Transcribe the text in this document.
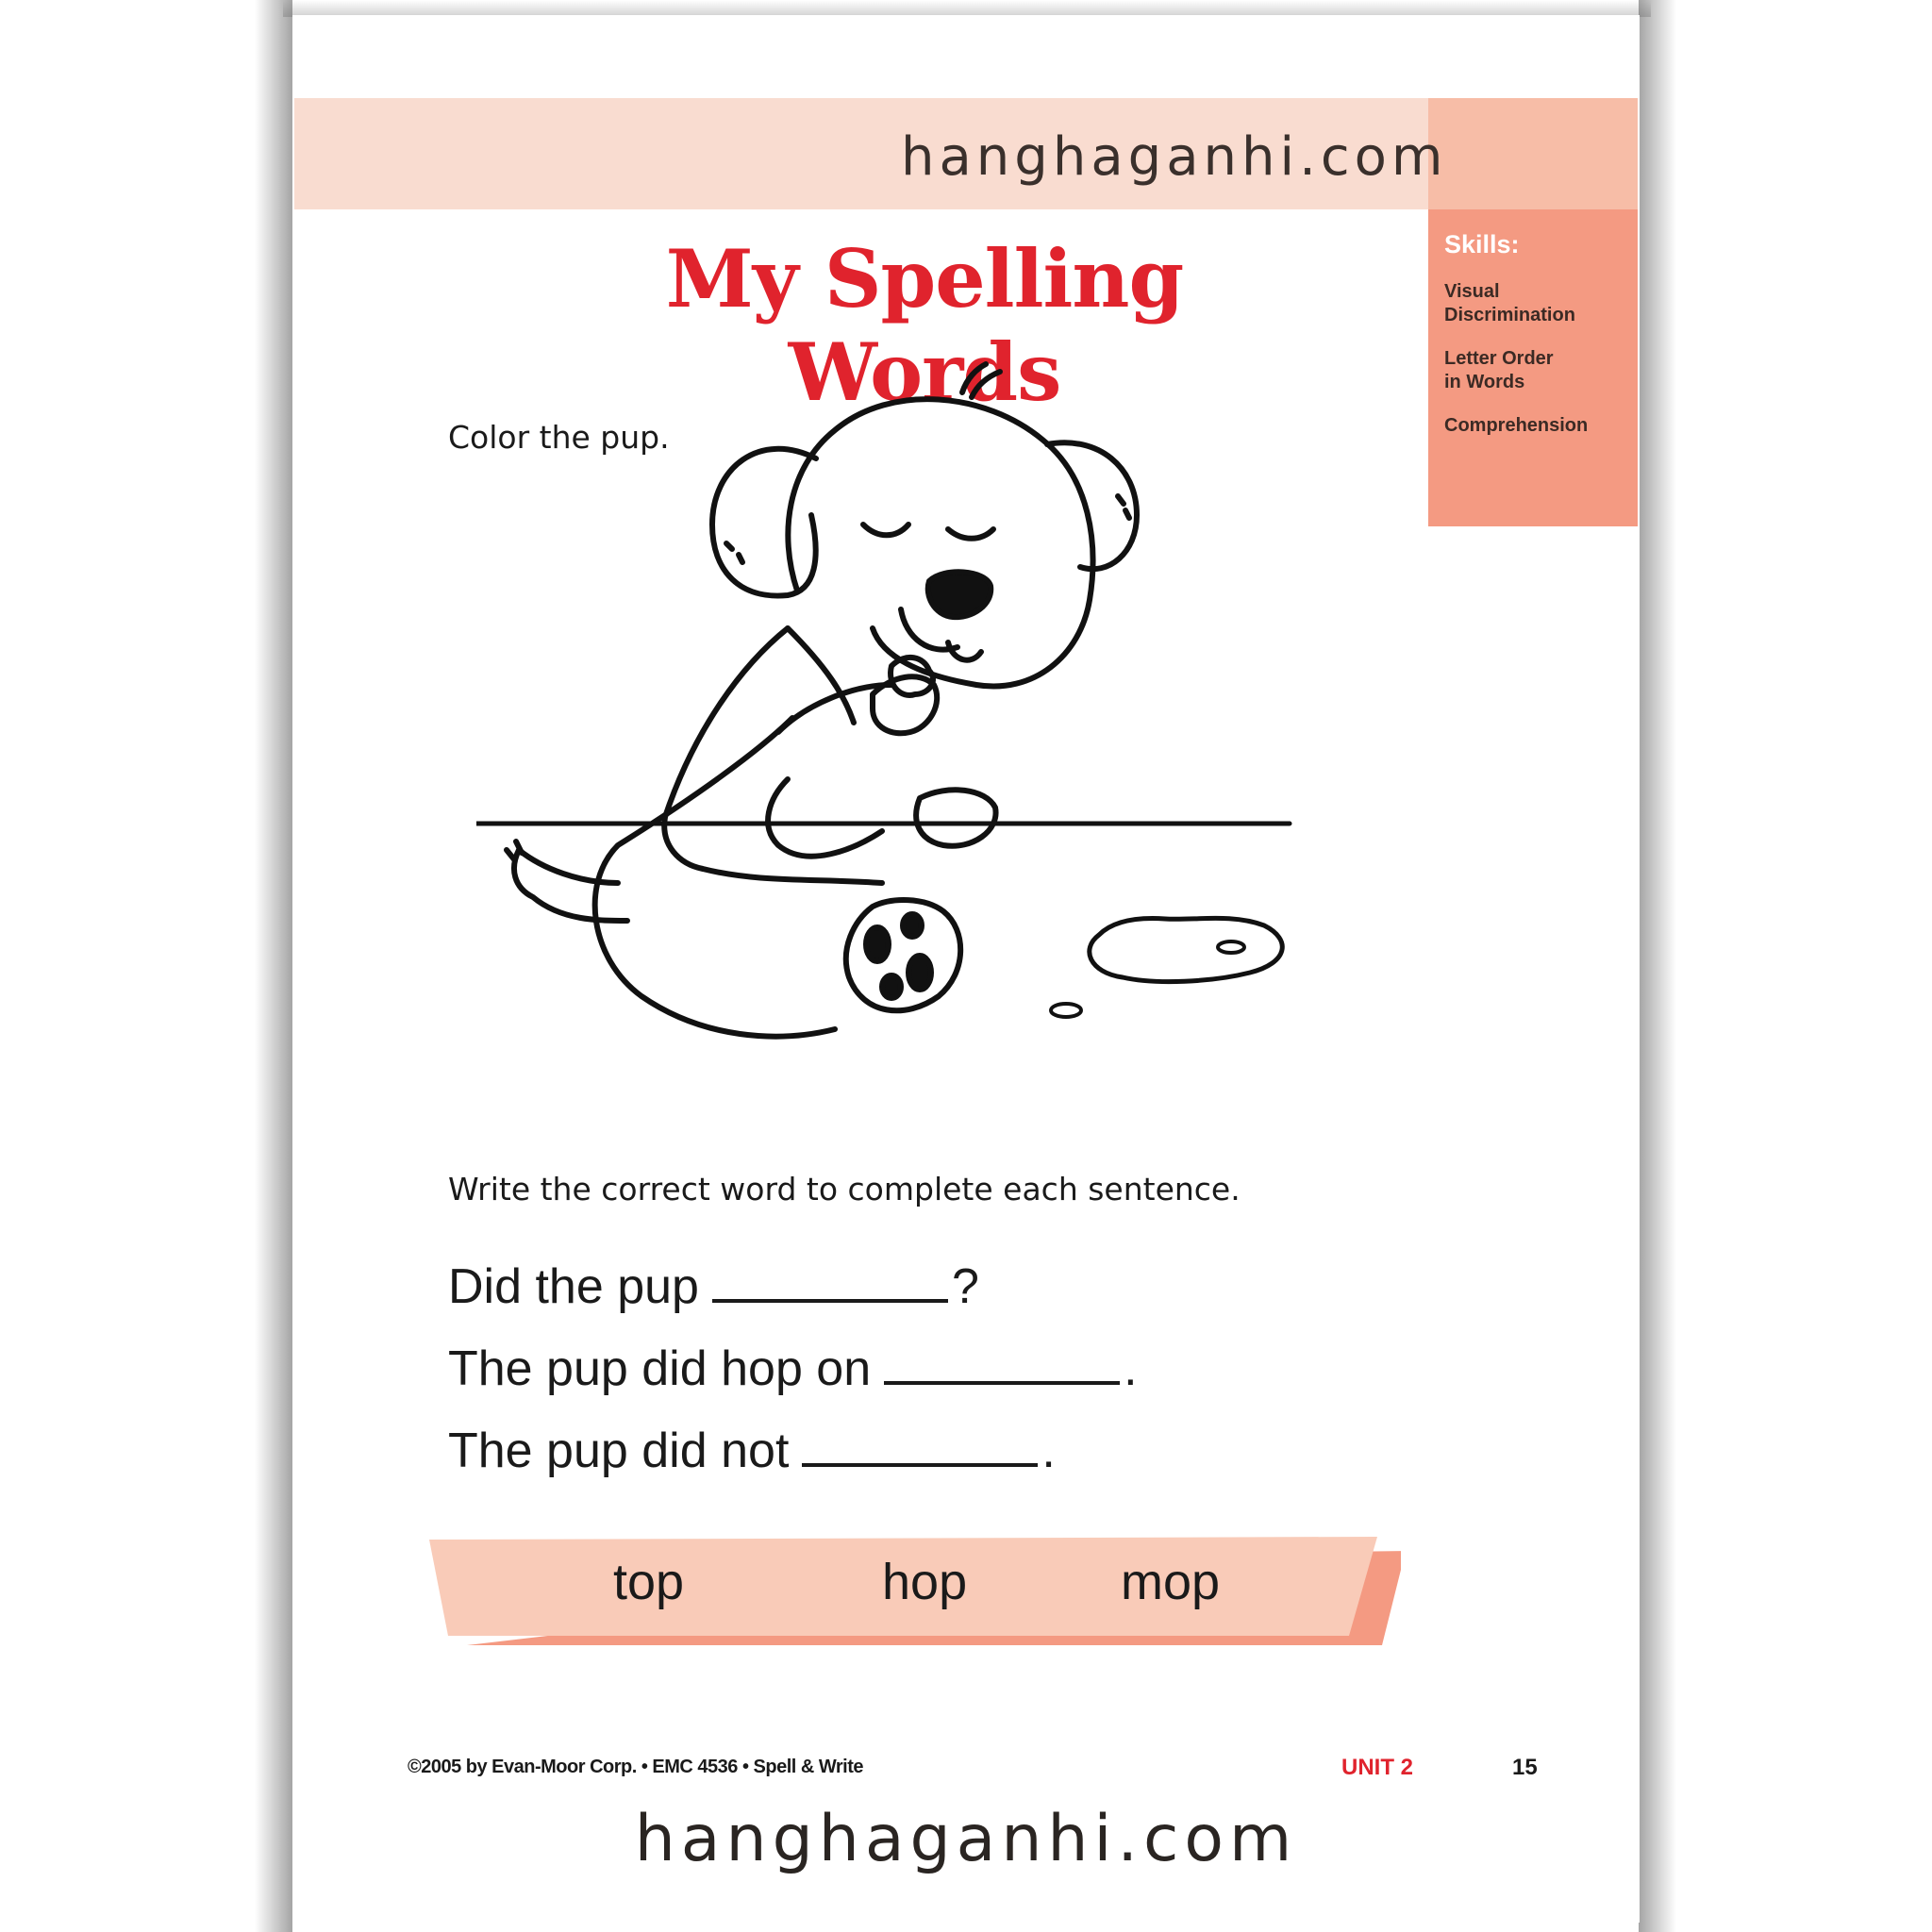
hanghaganhi.com
Skills:
Visual
Discrimination
Letter Order
in Words
Comprehension
My Spelling Words
Color the pup.
Write the correct word to complete each sentence.
Did the pup	?
The pup did hop on	.
The pup did not	.
top	hop	mop
©2005 by Evan-Moor Corp. • EMC 4536 • Spell & Write	UNIT 2	15
hanghaganhi.com
